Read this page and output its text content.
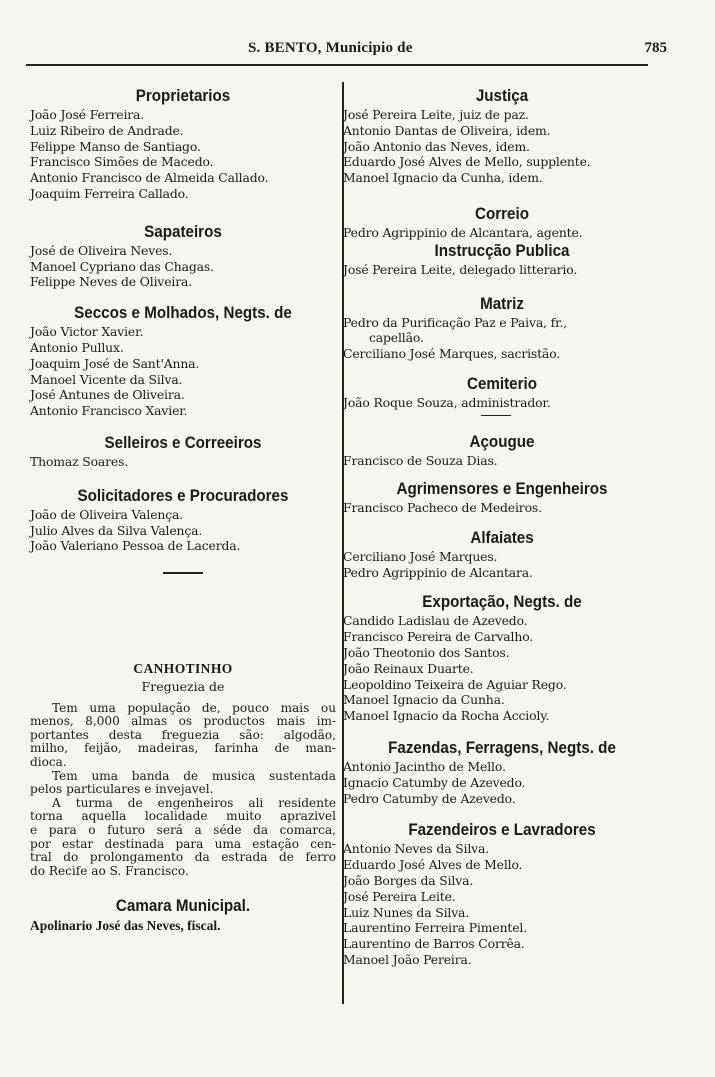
S. BENTO, Municipio de	785
Proprietarios
João José Ferreira.
Luiz Ribeiro de Andrade.
Felippe Manso de Santiago.
Francisco Simões de Macedo.
Antonio Francisco de Almeida Callado.
Joaquim Ferreira Callado.
Sapateiros
José de Oliveira Neves.
Manoel Cypriano das Chagas.
Felippe Neves de Oliveira.
Seccos e Molhados, Negts. de
João Victor Xavier.
Antonio Pullux.
Joaquim José de Sant'Anna.
Manoel Vicente da Silva.
José Antunes de Oliveira.
Antonio Francisco Xavier.
Selleiros e Correeiros
Thomaz Soares.
Solicitadores e Procuradores
João de Oliveira Valença.
Julio Alves da Silva Valença.
João Valeriano Pessoa de Lacerda.
CANHOTINHO
Freguezia de
Tem uma população de, pouco mais ou
menos, 8,000 almas os productos mais im-
portantes desta freguezia são: algodão,
milho, feijão, madeiras, farinha de man-
dioca.
Tem uma banda de musica sustentada
pelos particulares e invejavel.
A turma de engenheiros ali residente
torna aquella localidade muito aprazivel
e para o futuro será a séde da comarca,
por estar destinada para uma estação cen-
tral do prolongamento da estrada de ferro
do Recife ao S. Francisco.
Camara Municipal.
Apolinario José das Neves, fiscal.
Justiça
José Pereira Leite, juiz de paz.
Antonio Dantas de Oliveira, idem.
João Antonio das Neves, idem.
Eduardo José Alves de Mello, supplente.
Manoel Ignacio da Cunha, idem.
Correio
Pedro Agrippinio de Alcantara, agente.
Instrucção Publica
José Pereira Leite, delegado litterario.
Matriz
Pedro da Purificação Paz e Paiva, fr.,
capellão.
Cerciliano José Marques, sacristão.
Cemiterio
João Roque Souza, administrador.
Açougue
Francisco de Souza Dias.
Agrimensores e Engenheiros
Francisco Pacheco de Medeiros.
Alfaiates
Cerciliano José Marques.
Pedro Agrippinio de Alcantara.
Exportação, Negts. de
Candido Ladislau de Azevedo.
Francisco Pereira de Carvalho.
João Theotonio dos Santos.
João Reinaux Duarte.
Leopoldino Teixeira de Aguiar Rego.
Manoel Ignacio da Cunha.
Manoel Ignacio da Rocha Accioly.
Fazendas, Ferragens, Negts. de
Antonio Jacintho de Mello.
Ignacio Catumby de Azevedo.
Pedro Catumby de Azevedo.
Fazendeiros e Lavradores
Antonio Neves da Silva.
Eduardo José Alves de Mello.
João Borges da Silva.
José Pereira Leite.
Luiz Nunes da Silva.
Laurentino Ferreira Pimentel.
Laurentino de Barros Corrêa.
Manoel João Pereira.
